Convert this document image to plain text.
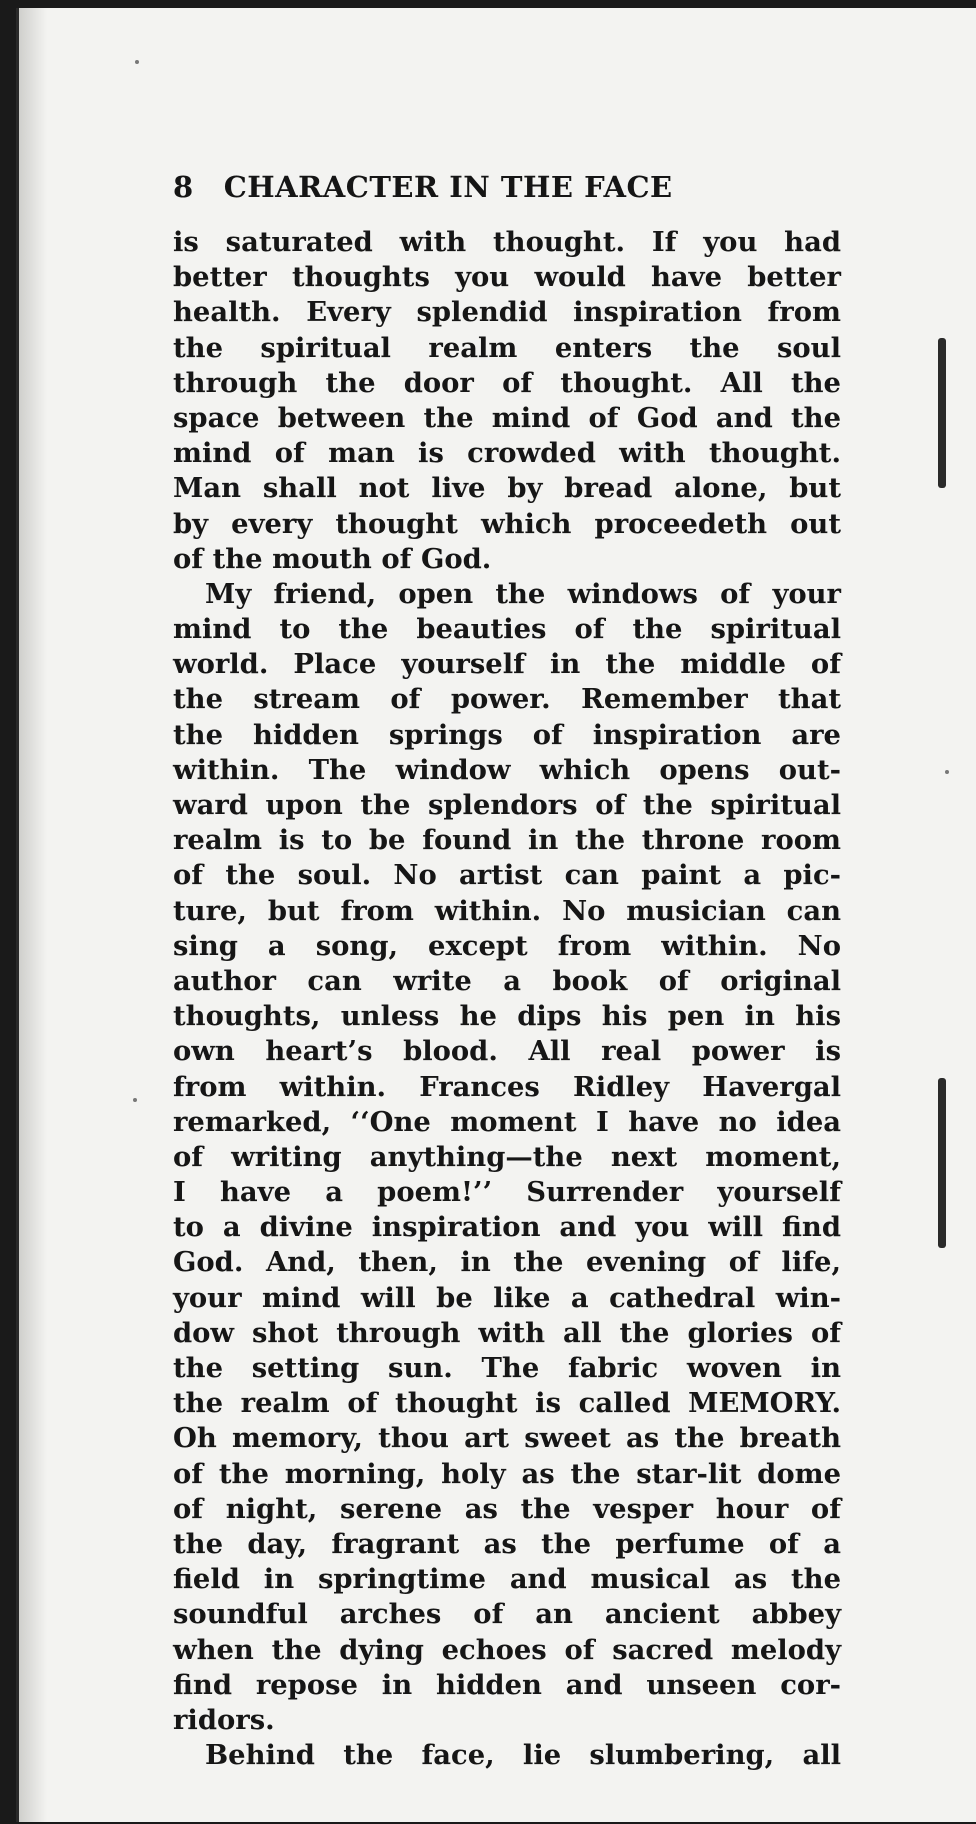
8 CHARACTER IN THE FACE
is saturated with thought. If you had
better thoughts you would have better
health. Every splendid inspiration from
the spiritual realm enters the soul
through the door of thought. All the
space between the mind of God and the
mind of man is crowded with thought.
Man shall not live by bread alone, but
by every thought which proceedeth out
of the mouth of God.
My friend, open the windows of your
mind to the beauties of the spiritual
world. Place yourself in the middle of
the stream of power. Remember that
the hidden springs of inspiration are
within. The window which opens out-
ward upon the splendors of the spiritual
realm is to be found in the throne room
of the soul. No artist can paint a pic-
ture, but from within. No musician can
sing a song, except from within. No
author can write a book of original
thoughts, unless he dips his pen in his
own heart’s blood. All real power is
from within. Frances Ridley Havergal
remarked, ‘‘One moment I have no idea
of writing anything—the next moment,
I have a poem!’’ Surrender yourself
to a divine inspiration and you will find
God. And, then, in the evening of life,
your mind will be like a cathedral win-
dow shot through with all the glories of
the setting sun. The fabric woven in
the realm of thought is called MEMORY.
Oh memory, thou art sweet as the breath
of the morning, holy as the star-lit dome
of night, serene as the vesper hour of
the day, fragrant as the perfume of a
field in springtime and musical as the
soundful arches of an ancient abbey
when the dying echoes of sacred melody
find repose in hidden and unseen cor-
ridors.
Behind the face, lie slumbering, all
